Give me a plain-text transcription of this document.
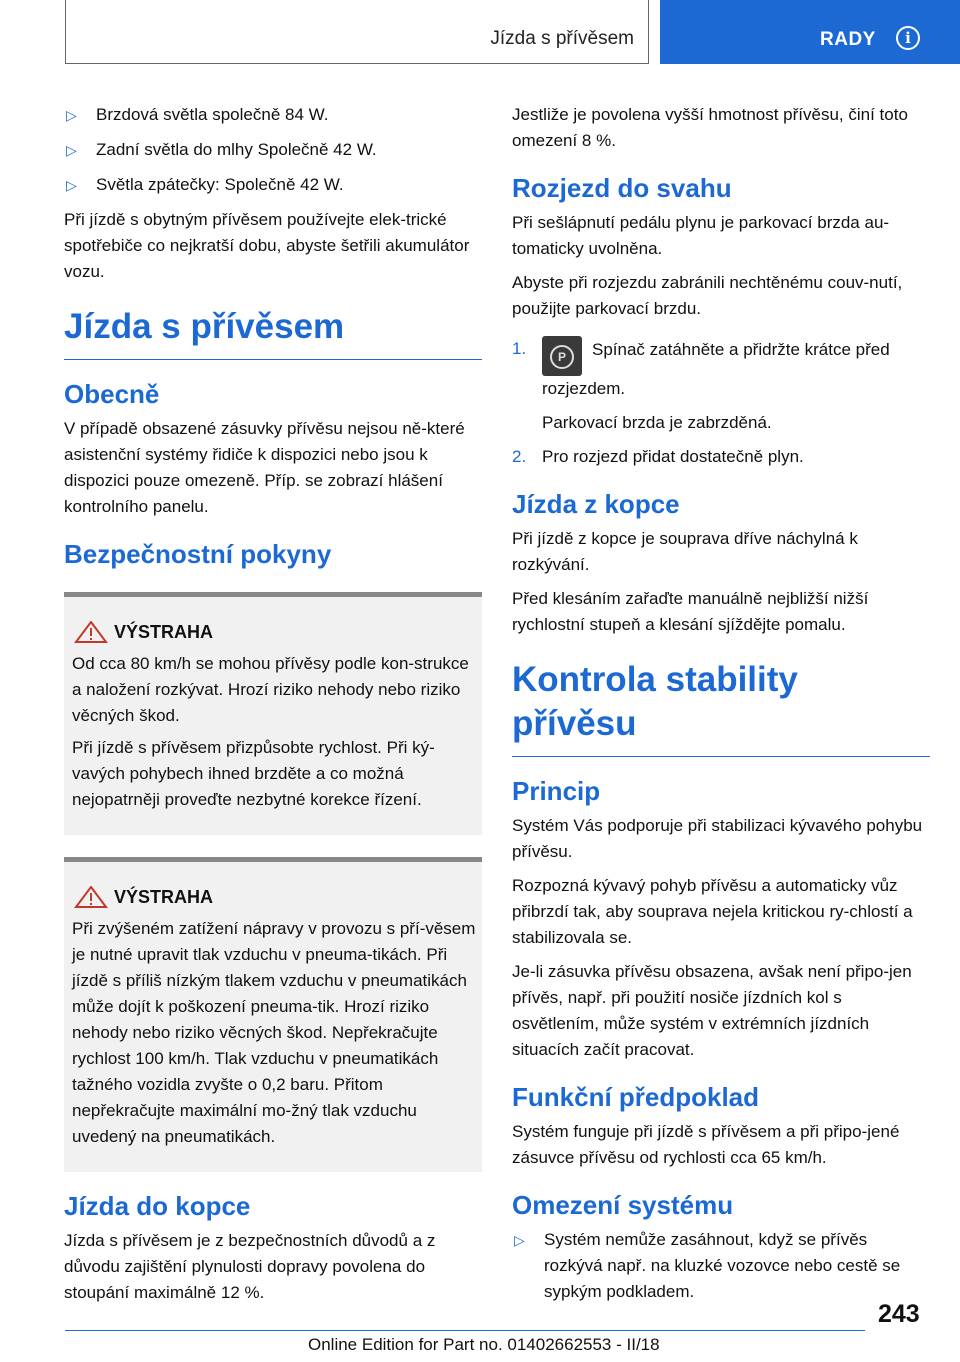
Jízda s přívěsem	RADY	i
▷	Brzdová světla společně 84 W.
▷	Zadní světla do mlhy Společně 42 W.
▷	Světla zpátečky: Společně 42 W.

Při jízdě s obytným přívěsem používejte elek-trické spotřebiče co nejkratší dobu, abyste šetřili akumulátor vozu.

Jízda s přívěsem
Obecně

V případě obsazené zásuvky přívěsu nejsou ně-které asistenční systémy řidiče k dispozici nebo jsou k dispozici pouze omezeně. Příp. se zobrazí hlášení kontrolního panelu.

Bezpečnostní pokyny
VÝSTRAHA

Od cca 80 km/h se mohou přívěsy podle kon-strukce a naložení rozkývat. Hrozí riziko nehody nebo riziko věcných škod.

Při jízdě s přívěsem přizpůsobte rychlost. Při ký-vavých pohybech ihned brzděte a co možná nejopatrněji proveďte nezbytné korekce řízení.

VÝSTRAHA

Při zvýšeném zatížení nápravy v provozu s pří-věsem je nutné upravit tlak vzduchu v pneuma-tikách. Při jízdě s příliš nízkým tlakem vzduchu v pneumatikách může dojít k poškození pneuma-tik. Hrozí riziko nehody nebo riziko věcných škod. Nepřekračujte rychlost 100 km/h. Tlak vzduchu v pneumatikách tažného vozidla zvyšte o 0,2 baru. Přitom nepřekračujte maximální mo-žný tlak vzduchu uvedený na pneumatikách.

Jízda do kopce

Jízda s přívěsem je z bezpečnostních důvodů a z důvodu zajištění plynulosti dopravy povolena do stoupání maximálně 12 %.

Jestliže je povolena vyšší hmotnost přívěsu, činí toto omezení 8 %.

Rozjezd do svahu

Při sešlápnutí pedálu plynu je parkovací brzda au-tomaticky uvolněna.

Abyste při rozjezdu zabránili nechtěnému couv-nutí, použijte parkovací brzdu.

1.	P Spínač zatáhněte a přidržte krátce před rozjezdem.
Parkovací brzda je zabrzděná.
2. Pro rozjezd přidat dostatečně plyn.
Jízda z kopce

Při jízdě z kopce je souprava dříve náchylná k rozkývání.

Před klesáním zařaďte manuálně nejbližší nižší rychlostní stupeň a klesání sjíždějte pomalu.

Kontrola stability přívěsu
Princip

Systém Vás podporuje při stabilizaci kývavého pohybu přívěsu.

Rozpozná kývavý pohyb přívěsu a automaticky vůz přibrzdí tak, aby souprava nejela kritickou ry-chlostí a stabilizovala se.

Je-li zásuvka přívěsu obsazena, avšak není připo-jen přívěs, např. při použití nosiče jízdních kol s osvětlením, může systém v extrémních jízdních situacích začít pracovat.

Funkční předpoklad

Systém funguje při jízdě s přívěsem a při připo-jené zásuvce přívěsu od rychlosti cca 65 km/h.

Omezení systému
▷	Systém nemůže zasáhnout, když se přívěs rozkývá např. na kluzké vozovce nebo cestě se sypkým podkladem.
243
Online Edition for Part no. 01402662553 - II/18
